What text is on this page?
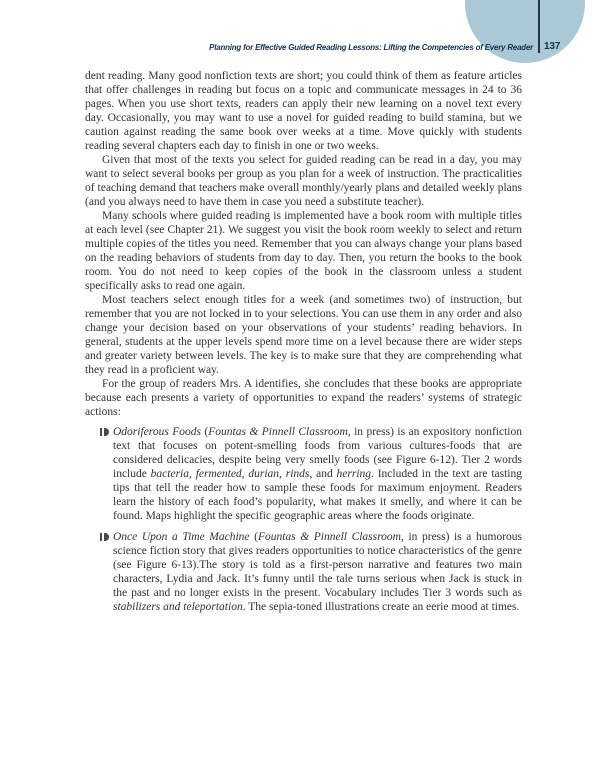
Planning for Effective Guided Reading Lessons: Lifting the Competencies of Every Reader 137

dent reading. Many good nonfiction texts are short; you could think of them as feature articles that offer challenges in reading but focus on a topic and communicate messages in 24 to 36 pages. When you use short texts, readers can apply their new learning on a novel text every day. Occasionally, you may want to use a novel for guided reading to build stamina, but we caution against reading the same book over weeks at a time. Move quickly with students reading several chapters each day to finish in one or two weeks.

Given that most of the texts you select for guided reading can be read in a day, you may want to select several books per group as you plan for a week of instruction. The practicalities of teaching demand that teachers make overall monthly/yearly plans and detailed weekly plans (and you always need to have them in case you need a substitute teacher).

Many schools where guided reading is implemented have a book room with multiple titles at each level (see Chapter 21). We suggest you visit the book room weekly to select and return multiple copies of the titles you need. Remember that you can always change your plans based on the reading behaviors of students from day to day. Then, you return the books to the book room. You do not need to keep copies of the book in the classroom unless a student specifically asks to read one again.

Most teachers select enough titles for a week (and sometimes two) of instruction, but remember that you are not locked in to your selections. You can use them in any order and also change your decision based on your observations of your students’ reading behaviors. In general, students at the upper levels spend more time on a level because there are wider steps and greater variety between levels. The key is to make sure that they are comprehending what they read in a proficient way.

For the group of readers Mrs. A identifies, she concludes that these books are appropriate because each presents a variety of opportunities to expand the readers’ systems of strategic actions:

Odoriferous Foods (Fountas & Pinnell Classroom, in press) is an expository nonfiction text that focuses on potent-smelling foods from various cultures-foods that are considered delicacies, despite being very smelly foods (see Figure 6-12). Tier 2 words include bacteria, fermented, durian, rinds, and herring. Included in the text are tasting tips that tell the reader how to sample these foods for maximum enjoyment. Readers learn the history of each food’s popularity, what makes it smelly, and where it can be found. Maps highlight the specific geographic areas where the foods originate.
Once Upon a Time Machine (Fountas & Pinnell Classroom, in press) is a humorous science fiction story that gives readers opportunities to notice characteristics of the genre (see Figure 6-13).The story is told as a first-person narrative and features two main characters, Lydia and Jack. It’s funny until the tale turns serious when Jack is stuck in the past and no longer exists in the present. Vocabulary includes Tier 3 words such as stabilizers and teleportation. The sepia-toned illustrations create an eerie mood at times.
